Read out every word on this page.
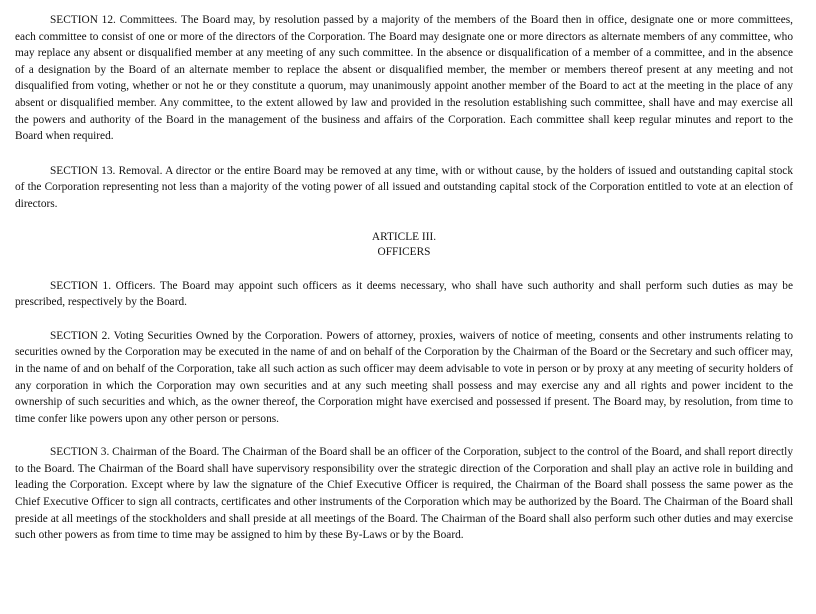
SECTION 12. Committees. The Board may, by resolution passed by a majority of the members of the Board then in office, designate one or more committees, each committee to consist of one or more of the directors of the Corporation. The Board may designate one or more directors as alternate members of any committee, who may replace any absent or disqualified member at any meeting of any such committee. In the absence or disqualification of a member of a committee, and in the absence of a designation by the Board of an alternate member to replace the absent or disqualified member, the member or members thereof present at any meeting and not disqualified from voting, whether or not he or they constitute a quorum, may unanimously appoint another member of the Board to act at the meeting in the place of any absent or disqualified member. Any committee, to the extent allowed by law and provided in the resolution establishing such committee, shall have and may exercise all the powers and authority of the Board in the management of the business and affairs of the Corporation. Each committee shall keep regular minutes and report to the Board when required.

SECTION 13. Removal. A director or the entire Board may be removed at any time, with or without cause, by the holders of issued and outstanding capital stock of the Corporation representing not less than a majority of the voting power of all issued and outstanding capital stock of the Corporation entitled to vote at an election of directors.

ARTICLE III.
OFFICERS

SECTION 1. Officers. The Board may appoint such officers as it deems necessary, who shall have such authority and shall perform such duties as may be prescribed, respectively by the Board.

SECTION 2. Voting Securities Owned by the Corporation. Powers of attorney, proxies, waivers of notice of meeting, consents and other instruments relating to securities owned by the Corporation may be executed in the name of and on behalf of the Corporation by the Chairman of the Board or the Secretary and such officer may, in the name of and on behalf of the Corporation, take all such action as such officer may deem advisable to vote in person or by proxy at any meeting of security holders of any corporation in which the Corporation may own securities and at any such meeting shall possess and may exercise any and all rights and power incident to the ownership of such securities and which, as the owner thereof, the Corporation might have exercised and possessed if present. The Board may, by resolution, from time to time confer like powers upon any other person or persons.

SECTION 3. Chairman of the Board. The Chairman of the Board shall be an officer of the Corporation, subject to the control of the Board, and shall report directly to the Board. The Chairman of the Board shall have supervisory responsibility over the strategic direction of the Corporation and shall play an active role in building and leading the Corporation. Except where by law the signature of the Chief Executive Officer is required, the Chairman of the Board shall possess the same power as the Chief Executive Officer to sign all contracts, certificates and other instruments of the Corporation which may be authorized by the Board. The Chairman of the Board shall preside at all meetings of the stockholders and shall preside at all meetings of the Board. The Chairman of the Board shall also perform such other duties and may exercise such other powers as from time to time may be assigned to him by these By-Laws or by the Board.
